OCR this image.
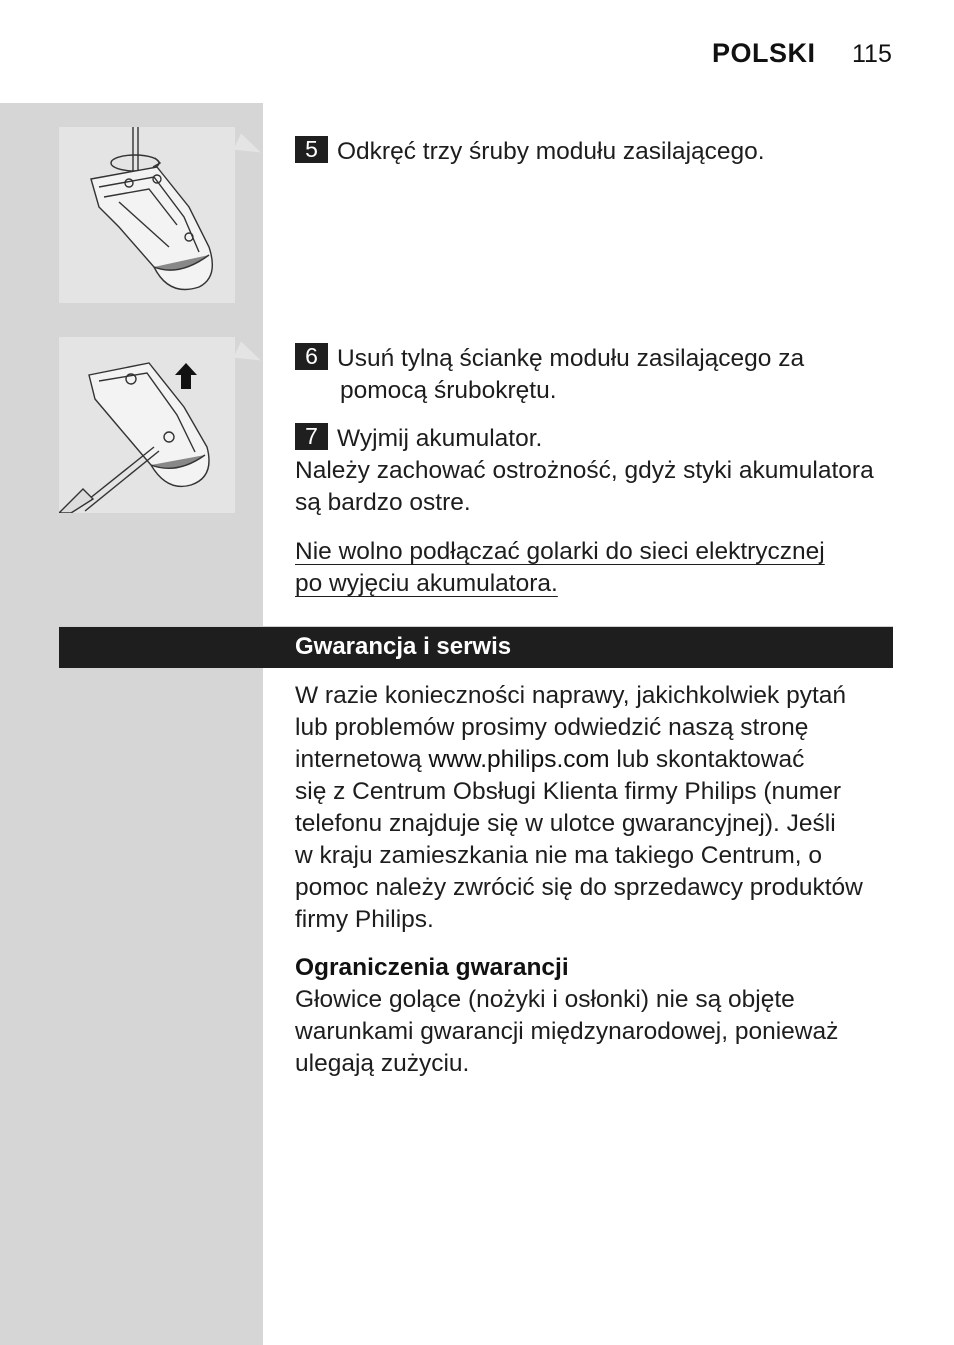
POLSKI 115
5 Odkręć trzy śruby modułu zasilającego.
6 Usuń tylną ściankę modułu zasilającego za
pomocą śrubokrętu.
7 Wyjmij akumulator.
Należy zachować ostrożność, gdyż styki akumulatora
są bardzo ostre.
Nie wolno podłączać golarki do sieci elektrycznej
po wyjęciu akumulatora.
Gwarancja i serwis
W razie konieczności naprawy, jakichkolwiek pytań
lub problemów prosimy odwiedzić naszą stronę
internetową www.philips.com lub skontaktować
się z Centrum Obsługi Klienta firmy Philips (numer
telefonu znajduje się w ulotce gwarancyjnej). Jeśli
w kraju zamieszkania nie ma takiego Centrum, o
pomoc należy zwrócić się do sprzedawcy produktów
firmy Philips.
Ograniczenia gwarancji
Głowice golące (nożyki i osłonki) nie są objęte
warunkami gwarancji międzynarodowej, ponieważ
ulegają zużyciu.
